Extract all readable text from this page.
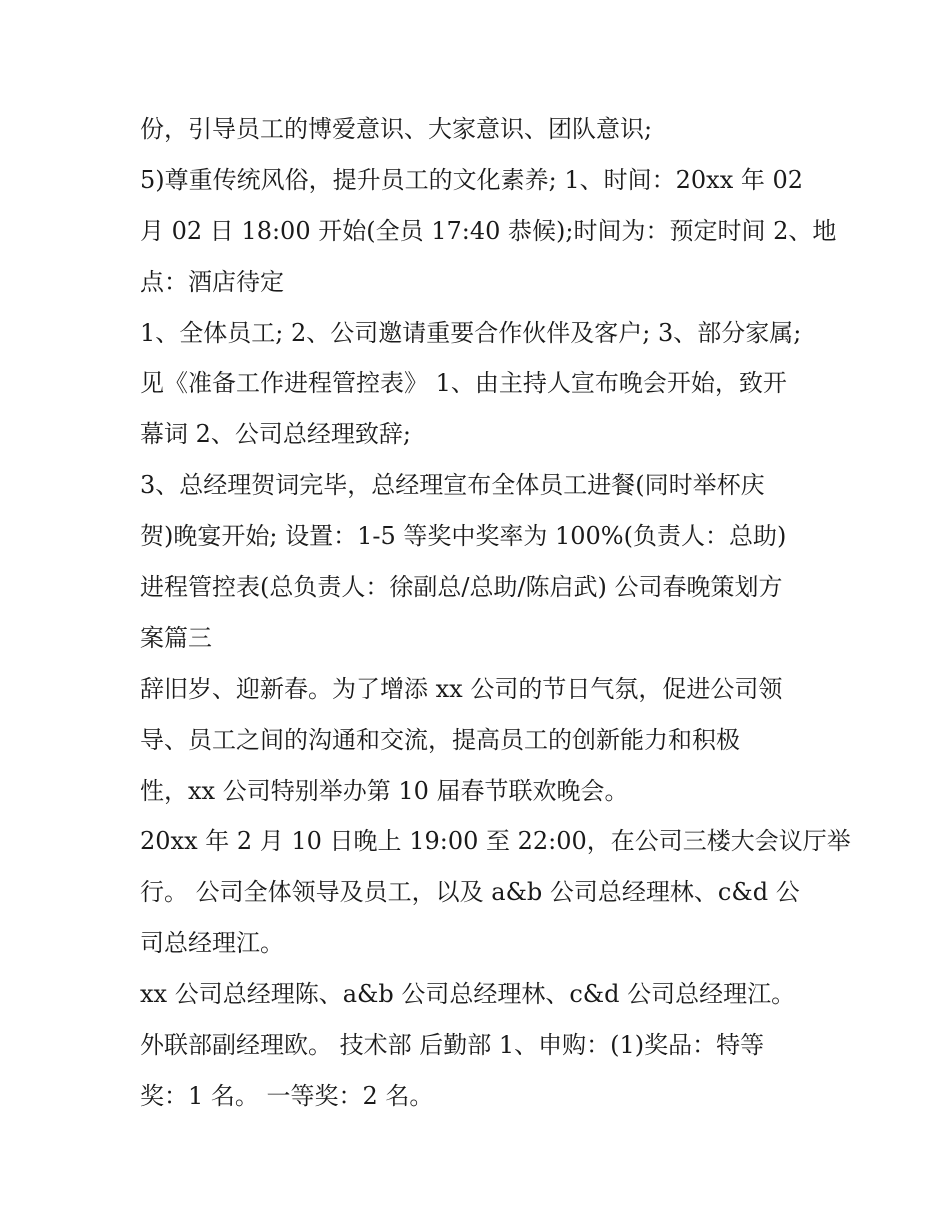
份，引导员工的博爱意识、大家意识、团队意识;
5)尊重传统风俗，提升员工的文化素养; 1、时间：20xx 年 02
月 02 日 18:00 开始(全员 17:40 恭候);时间为：预定时间 2、地
点：酒店待定
1、全体员工; 2、公司邀请重要合作伙伴及客户; 3、部分家属;
见《准备工作进程管控表》 1、由主持人宣布晚会开始，致开
幕词 2、公司总经理致辞;
3、总经理贺词完毕，总经理宣布全体员工进餐(同时举杯庆
贺)晚宴开始; 设置：1-5 等奖中奖率为 100%(负责人：总助)
进程管控表(总负责人：徐副总/总助/陈启武) 公司春晚策划方
案篇三
辞旧岁、迎新春。为了增添 xx 公司的节日气氛，促进公司领
导、员工之间的沟通和交流，提高员工的创新能力和积极
性，xx 公司特别举办第 10 届春节联欢晚会。
20xx 年 2 月 10 日晚上 19:00 至 22:00，在公司三楼大会议厅举
行。 公司全体领导及员工，以及 a&b 公司总经理林、c&d 公
司总经理江。
xx 公司总经理陈、a&b 公司总经理林、c&d 公司总经理江。
外联部副经理欧。 技术部 后勤部 1、申购：(1)奖品：特等
奖：1 名。 一等奖：2 名。
